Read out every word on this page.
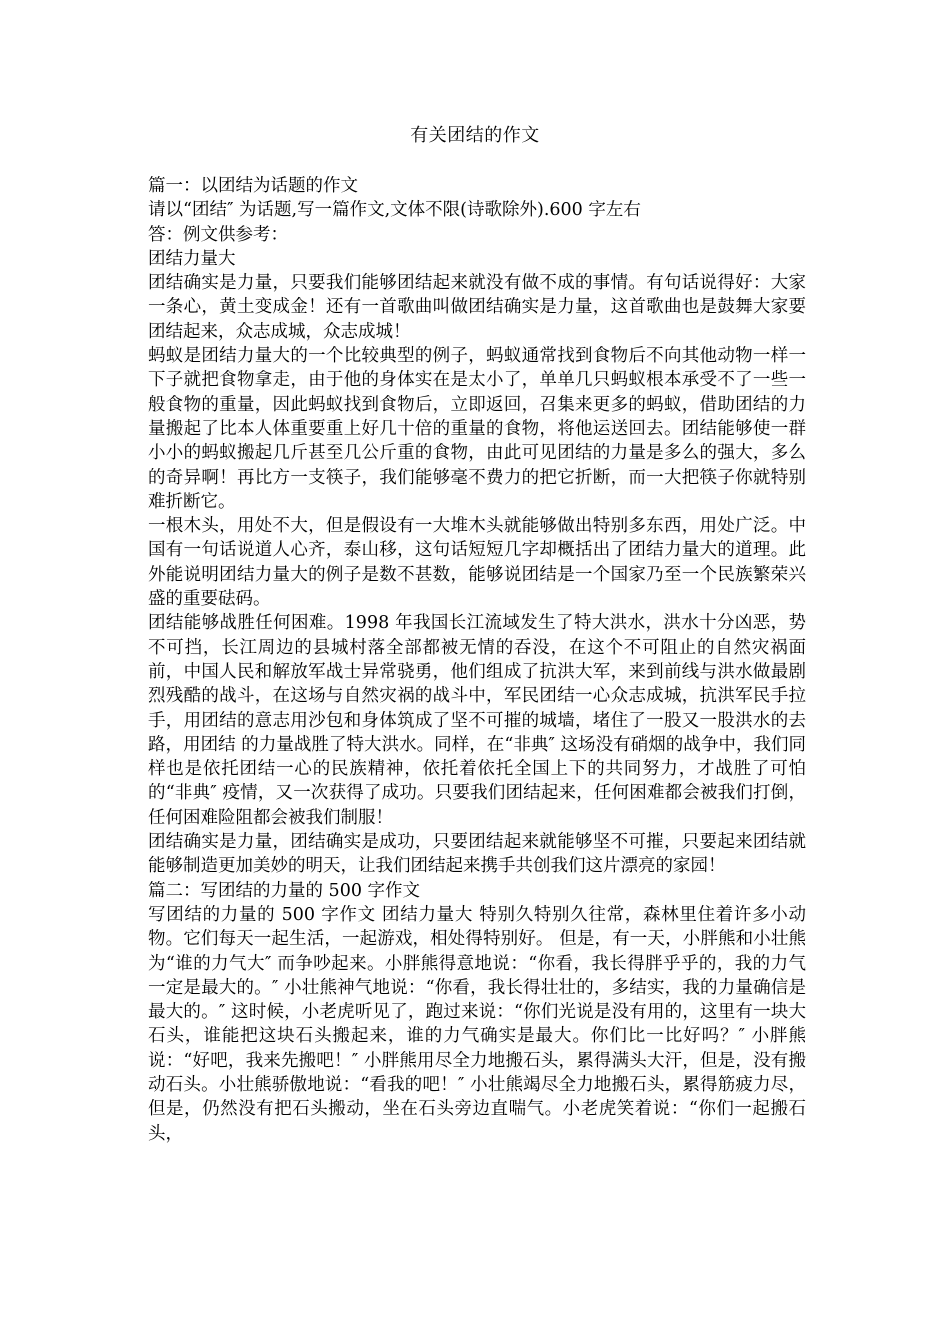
有关团结的作文

篇一：以团结为话题的作文

请以“团结″ 为话题,写一篇作文,文体不限(诗歌除外).600 字左右

答：例文供参考：

团结力量大

团结确实是力量，只要我们能够团结起来就没有做不成的事情。有句话说得好：大家一条心，黄土变成金！还有一首歌曲叫做团结确实是力量，这首歌曲也是鼓舞大家要团结起来，众志成城，众志成城！

蚂蚁是团结力量大的一个比较典型的例子，蚂蚁通常找到食物后不向其他动物一样一下子就把食物拿走，由于他的身体实在是太小了，单单几只蚂蚁根本承受不了一些一般食物的重量，因此蚂蚁找到食物后，立即返回，召集来更多的蚂蚁，借助团结的力量搬起了比本人体重要重上好几十倍的重量的食物，将他运送回去。团结能够使一群小小的蚂蚁搬起几斤甚至几公斤重的食物，由此可见团结的力量是多么的强大，多么的奇异啊！再比方一支筷子，我们能够毫不费力的把它折断，而一大把筷子你就特别难折断它。

一根木头，用处不大，但是假设有一大堆木头就能够做出特别多东西，用处广泛。中国有一句话说道人心齐，泰山移，这句话短短几字却概括出了团结力量大的道理。此外能说明团结力量大的例子是数不甚数，能够说团结是一个国家乃至一个民族繁荣兴盛的重要砝码。

团结能够战胜任何困难。1998 年我国长江流域发生了特大洪水，洪水十分凶恶，势不可挡，长江周边的县城村落全部都被无情的吞没，在这个不可阻止的自然灾祸面前，中国人民和解放军战士异常骁勇，他们组成了抗洪大军，来到前线与洪水做最剧烈残酷的战斗，在这场与自然灾祸的战斗中，军民团结一心众志成城，抗洪军民手拉手，用团结的意志用沙包和身体筑成了坚不可摧的城墙，堵住了一股又一股洪水的去路，用团结 的力量战胜了特大洪水。同样，在“非典″ 这场没有硝烟的战争中，我们同样也是依托团结一心的民族精神，依托着依托全国上下的共同努力，才战胜了可怕的“非典″ 疫情，又一次获得了成功。只要我们团结起来，任何困难都会被我们打倒，任何困难险阻都会被我们制服！

团结确实是力量，团结确实是成功，只要团结起来就能够坚不可摧，只要起来团结就能够制造更加美妙的明天，让我们团结起来携手共创我们这片漂亮的家园！

篇二：写团结的力量的 500 字作文

写团结的力量的 500 字作文 团结力量大 特别久特别久往常，森林里住着许多小动物。它们每天一起生活，一起游戏，相处得特别好。 但是，有一天，小胖熊和小壮熊为“谁的力气大″ 而争吵起来。小胖熊得意地说：“你看，我长得胖乎乎的，我的力气一定是最大的。″ 小壮熊神气地说：“你看，我长得壮壮的，多结实，我的力量确信是最大的。″ 这时候，小老虎听见了，跑过来说：“你们光说是没有用的，这里有一块大石头，谁能把这块石头搬起来，谁的力气确实是最大。你们比一比好吗？″ 小胖熊说：“好吧，我来先搬吧！″ 小胖熊用尽全力地搬石头，累得满头大汗，但是，没有搬动石头。小壮熊骄傲地说：“看我的吧！″ 小壮熊竭尽全力地搬石头，累得筋疲力尽，但是，仍然没有把石头搬动，坐在石头旁边直喘气。小老虎笑着说：“你们一起搬石头，
